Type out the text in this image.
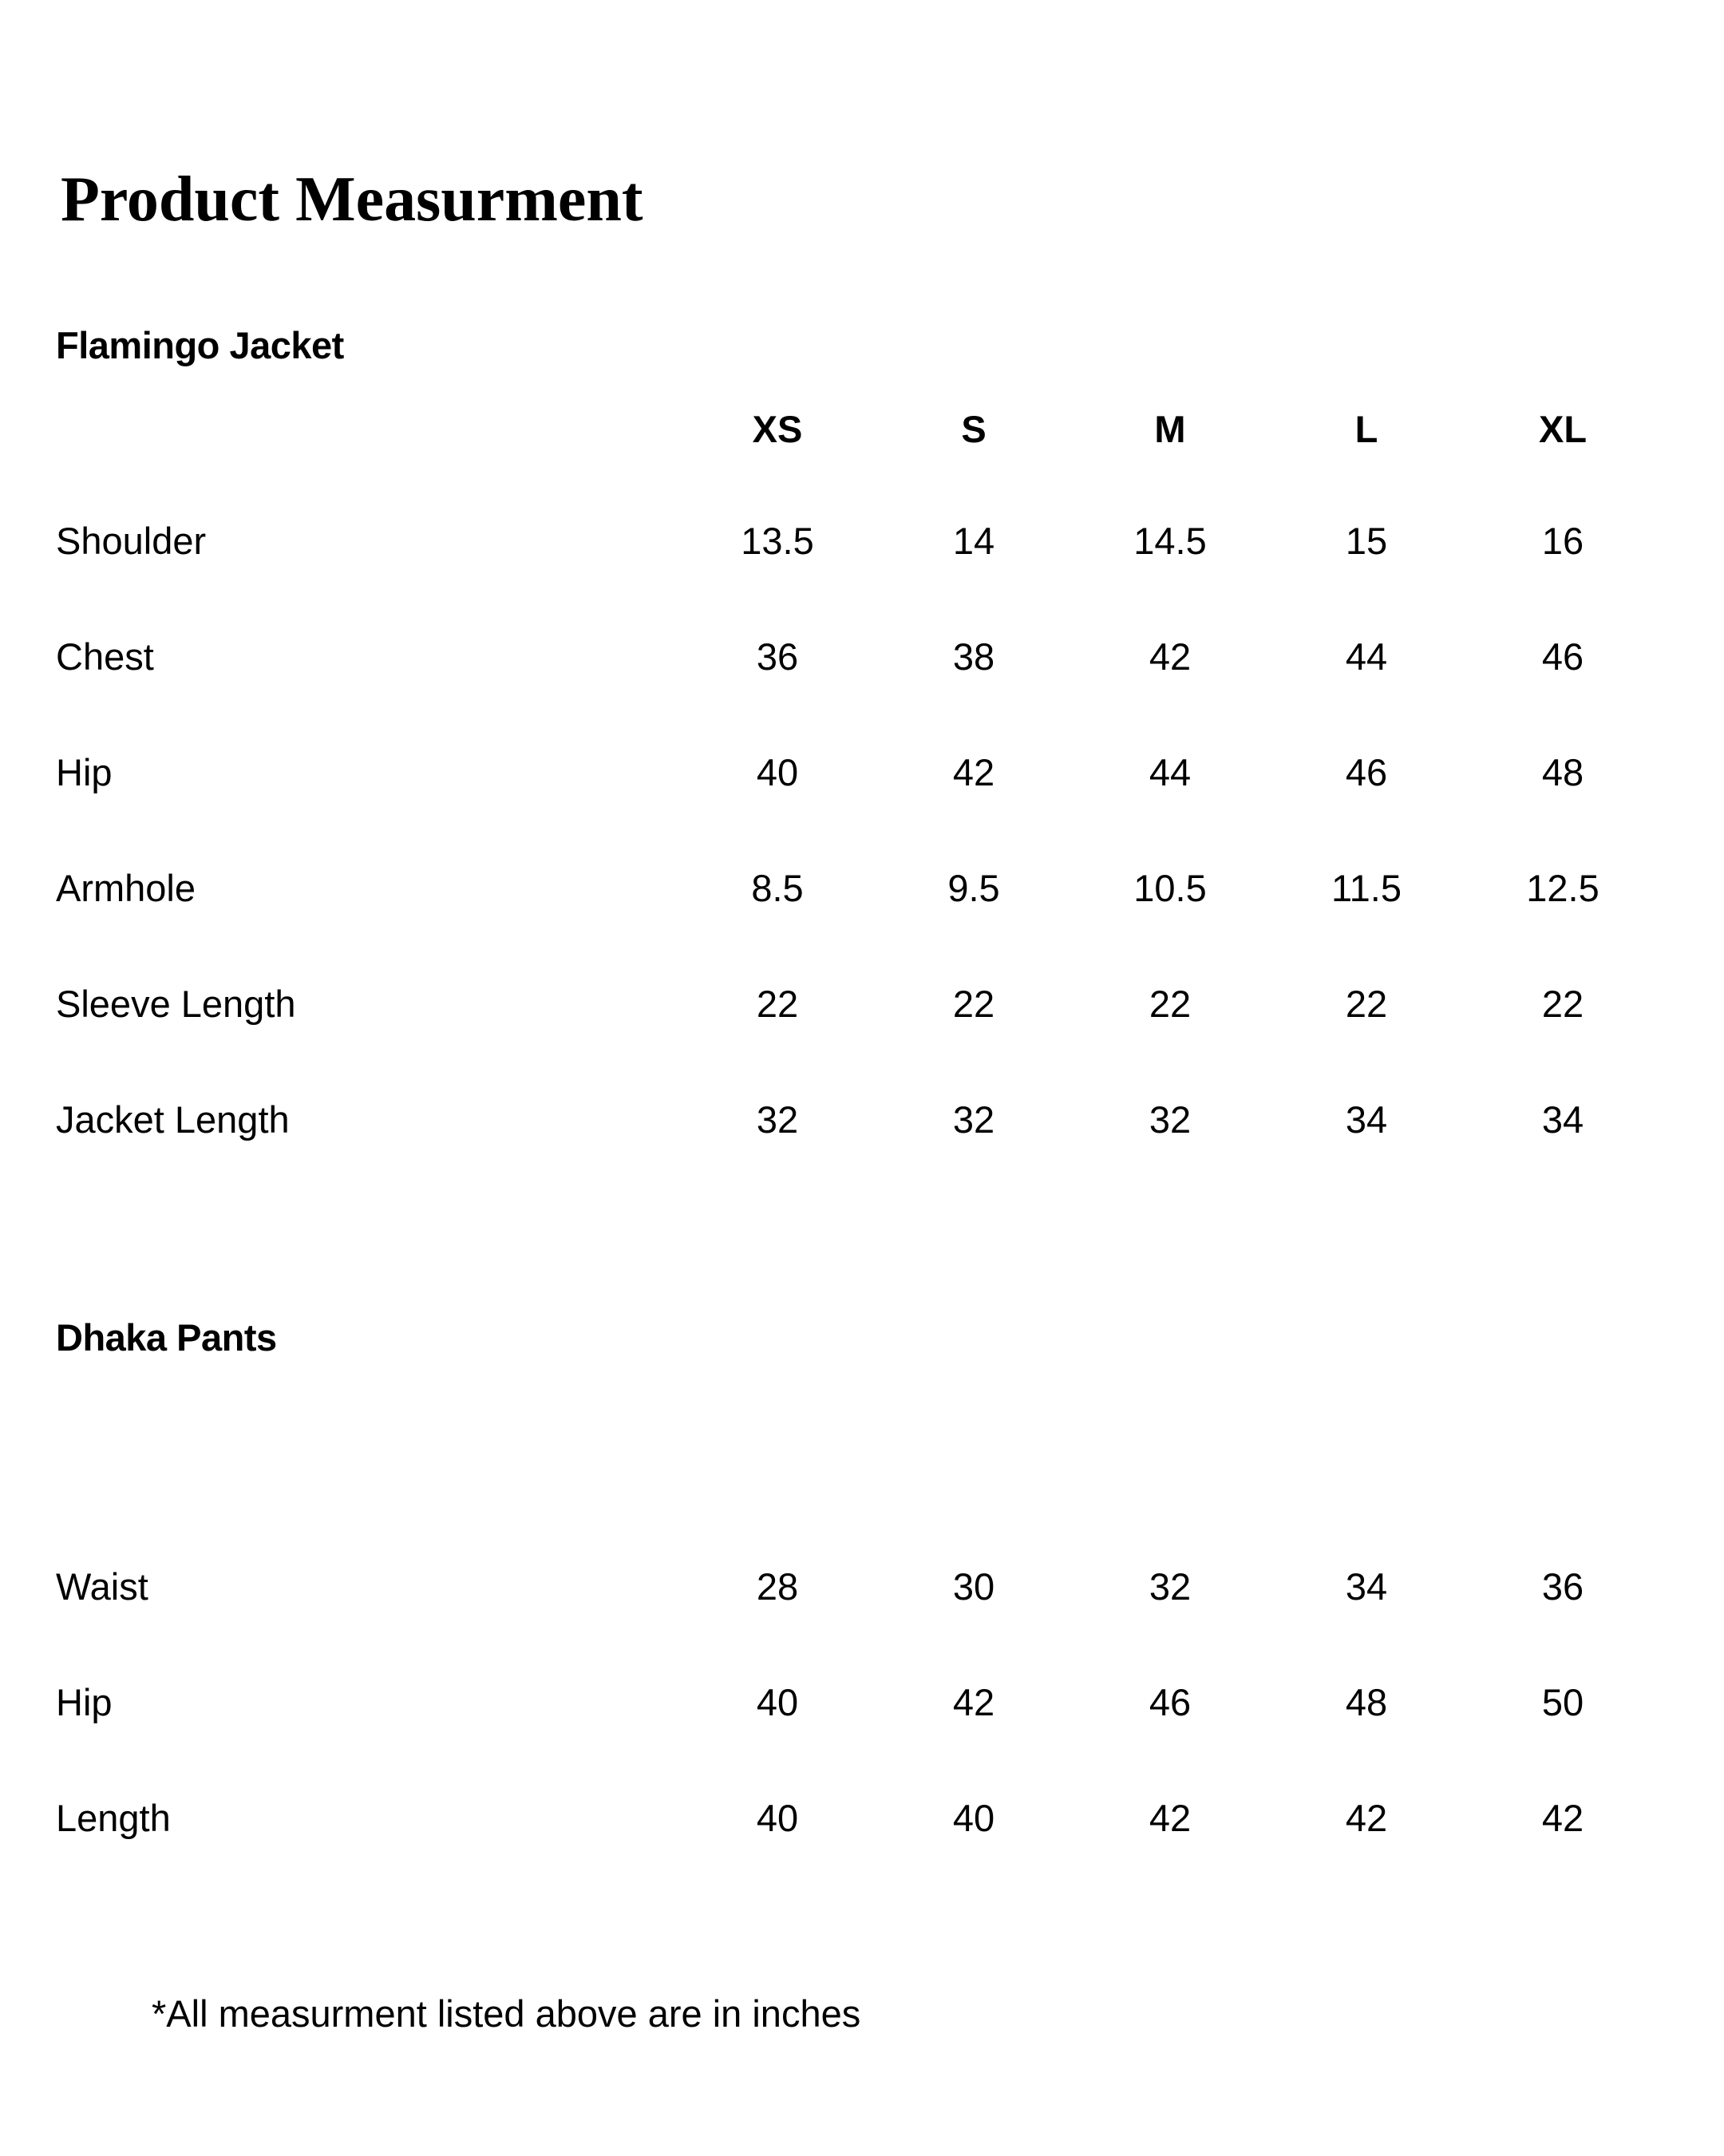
Product Measurment
Flamingo Jacket
XS	S	M	L	XL
Shoulder	13.5	14	14.5	15	16
Chest	36	38	42	44	46
Hip	40	42	44	46	48
Armhole	8.5	9.5	10.5	11.5	12.5
Sleeve Length	22	22	22	22	22
Jacket Length	32	32	32	34	34
Dhaka Pants
Waist	28	30	32	34	36
Hip	40	42	46	48	50
Length	40	40	42	42	42
*All measurment listed above are in inches
